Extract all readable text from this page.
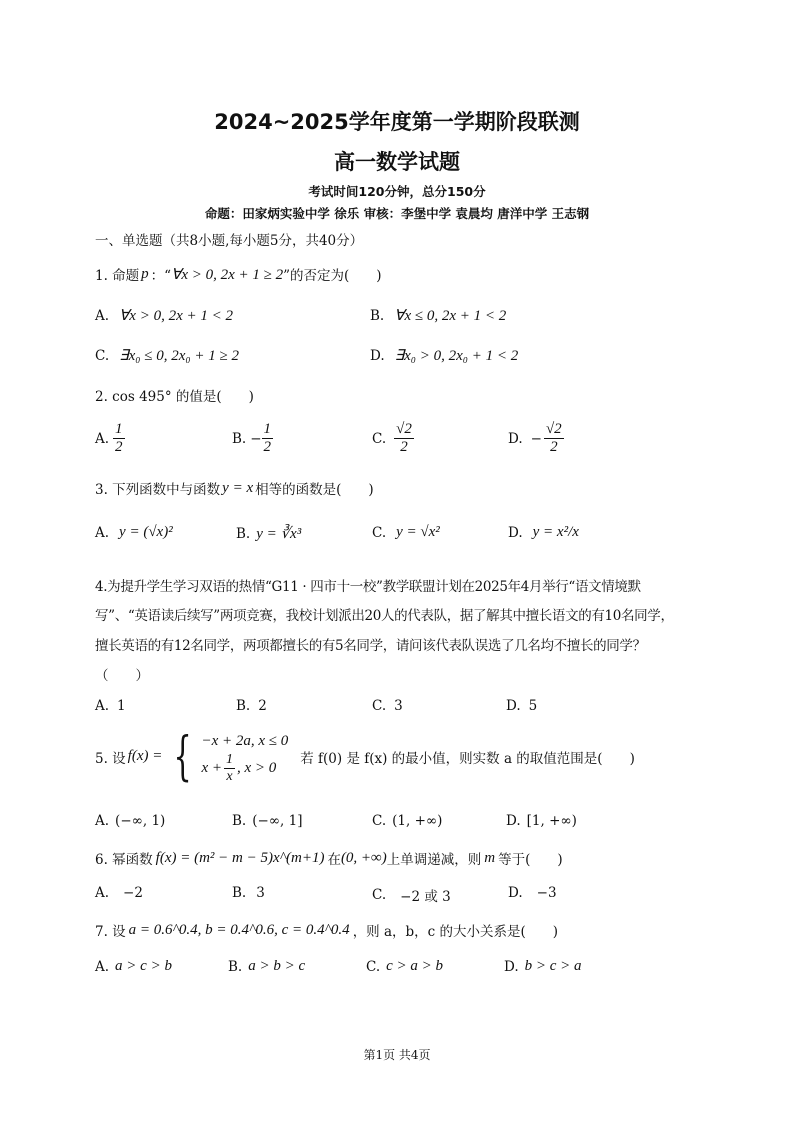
2024~2025学年度第一学期阶段联测
高一数学试题
考试时间120分钟，总分150分
命题：田家炳实验中学 徐乐 审核：李堡中学 袁晨均 唐洋中学 王志钢
一、单选题（共8小题,每小题5分，共40分）
1. 命题 p ：“ ∀x > 0, 2x + 1 ≥ 2 ”的否定为(　　)
A. ∀x > 0, 2x + 1 < 2	B. ∀x ≤ 0, 2x + 1 < 2
C. ∃x₀ ≤ 0, 2x₀ + 1 ≥ 2	D. ∃x₀ > 0, 2x₀ + 1 < 2
2. cos 495° 的值是(　　)
A. $\frac{1}{2}$	B. − $\frac{1}{2}$	C. $\frac{√2}{2}$	D. − $\frac{√2}{2}$
3. 下列函数中与函数 y = x 相等的函数是(　　)
A. y = (√x)²	B. y = ∛x³	C. y = √x²	D. y = x²/x
4.为提升学生学习双语的热情“G11 · 四市十一校”教学联盟计划在2025年4月举行“语文情境默
写”、“英语读后续写”两项竞赛，我校计划派出20人的代表队，据了解其中擅长语文的有10名同学，
擅长英语的有12名同学，两项都擅长的有5名同学，请问该代表队误选了几名均不擅长的同学？
（　　）
A. 1	B. 2	C. 3	D. 5
5. 设 f(x) = { −x + 2a, x ≤ 0
$x + \frac{1}{x}$ , x > 0
若 f(0) 是 f(x) 的最小值，则实数 a 的取值范围是(　　)
A. (−∞, 1)	B. (−∞, 1]	C. (1, +∞)	D. [1, +∞)
6. 幂函数 f(x) = (m² − m − 5)x^(m+1) 在 (0, +∞) 上单调递减，则 m 等于(　　)
A. −2	B. 3	C. −2 或 3	D. −3
7. 设 a = 0.6^0.4, b = 0.4^0.6, c = 0.4^0.4 ，则 a，b，c 的大小关系是(　　)
A. a > c > b	B. a > b > c	C. c > a > b	D. b > c > a
第1页 共4页
